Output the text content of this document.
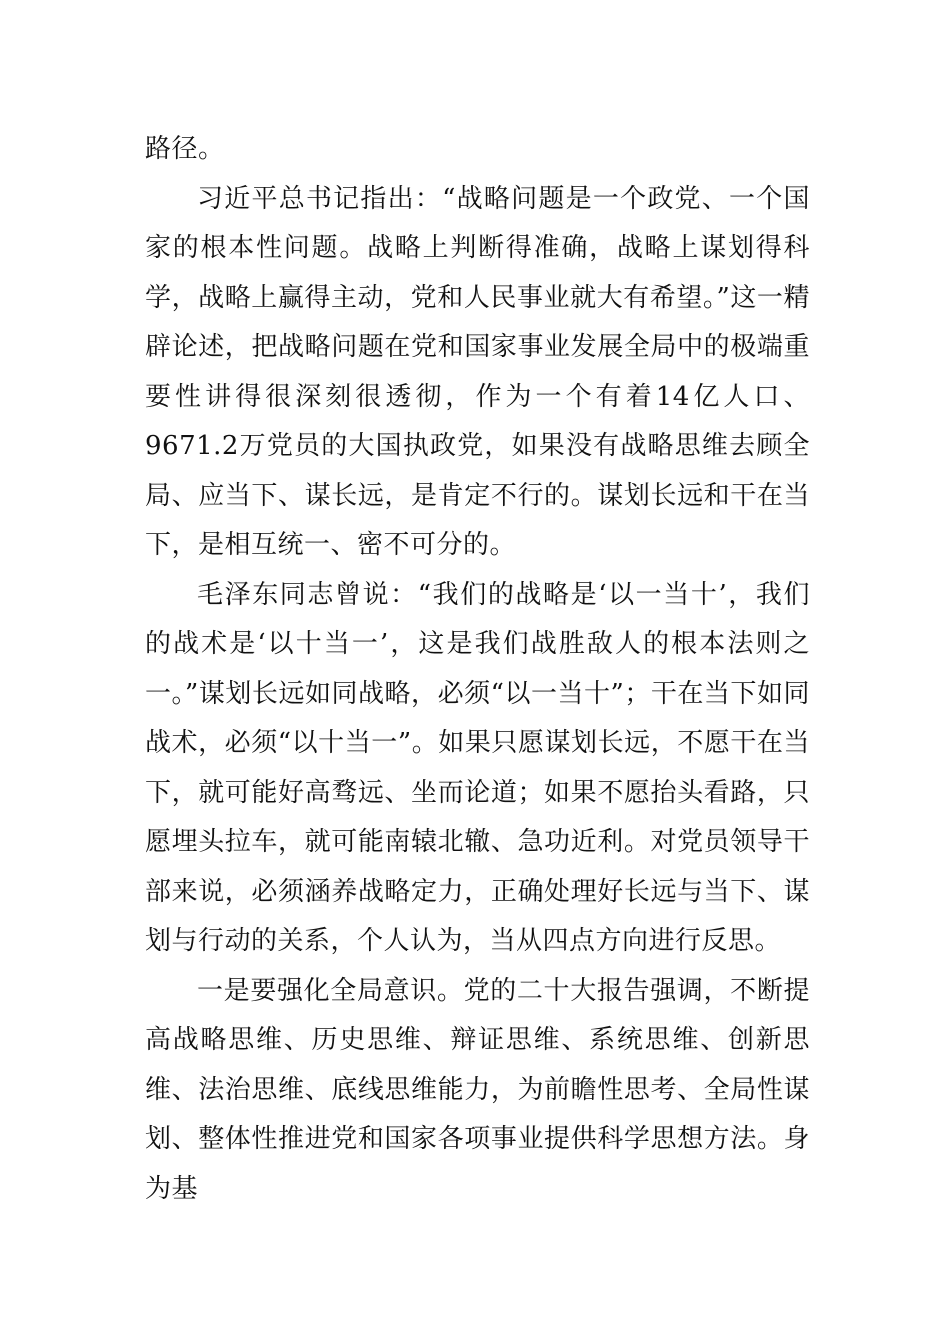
路径。

习近平总书记指出：“战略问题是一个政党、一个国家的根本性问题。战略上判断得准确，战略上谋划得科学，战略上赢得主动，党和人民事业就大有希望。”这一精辟论述，把战略问题在党和国家事业发展全局中的极端重要性讲得很深刻很透彻，作为一个有着14亿人口、9671.2万党员的大国执政党，如果没有战略思维去顾全局、应当下、谋长远，是肯定不行的。谋划长远和干在当下，是相互统一、密不可分的。

毛泽东同志曾说：“我们的战略是‘以一当十’，我们的战术是‘以十当一’，这是我们战胜敌人的根本法则之一。”谋划长远如同战略，必须“以一当十”；干在当下如同战术，必须“以十当一”。如果只愿谋划长远，不愿干在当下，就可能好高骛远、坐而论道；如果不愿抬头看路，只愿埋头拉车，就可能南辕北辙、急功近利。对党员领导干部来说，必须涵养战略定力，正确处理好长远与当下、谋划与行动的关系，个人认为，当从四点方向进行反思。

一是要强化全局意识。党的二十大报告强调，不断提高战略思维、历史思维、辩证思维、系统思维、创新思维、法治思维、底线思维能力，为前瞻性思考、全局性谋划、整体性推进党和国家各项事业提供科学思想方法。身为基
